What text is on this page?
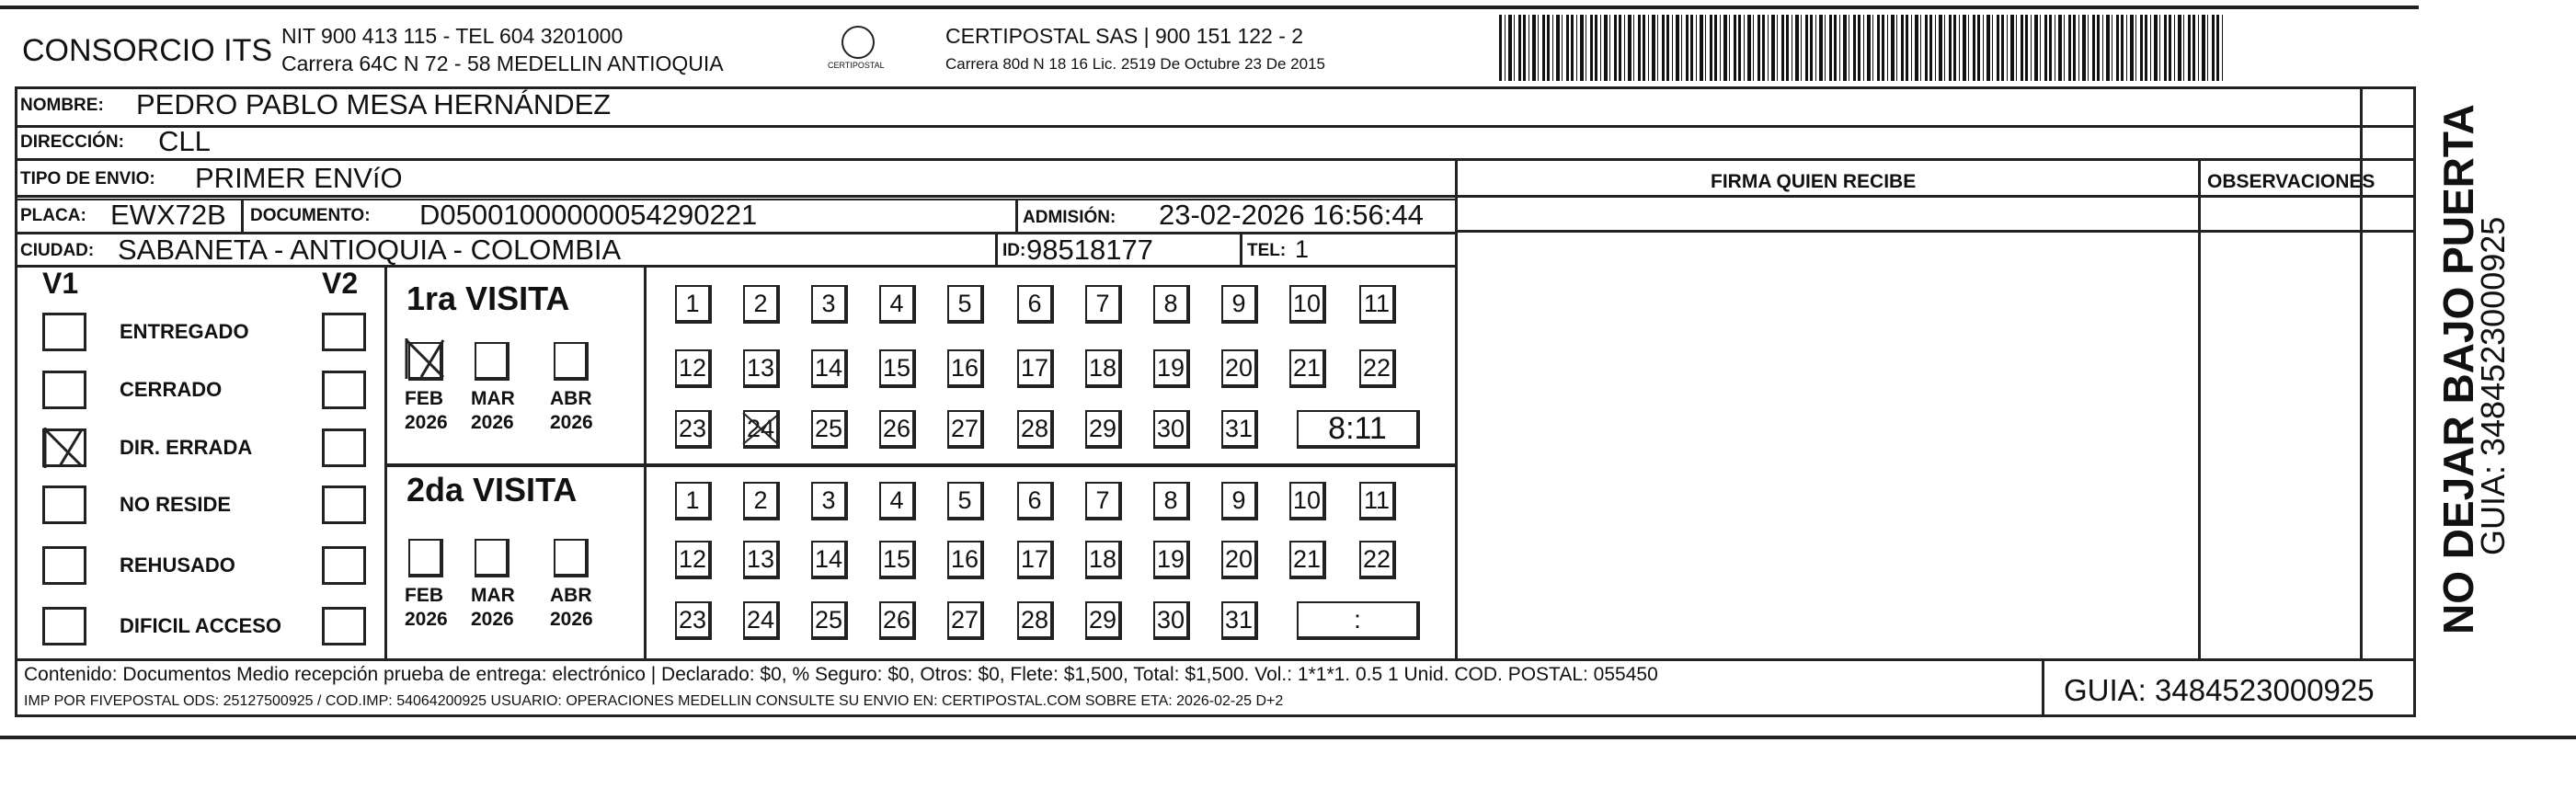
CONSORCIO ITS NIT 900 413 115 - TEL 604 3201000
Carrera 64C N 72 - 58 MEDELLIN ANTIOQUIA	CERTIPOSTAL
CERTIPOSTAL SAS | 900 151 122 - 2
Carrera 80d N 18 16 Lic. 2519 De Octubre 23 De 2015
NOMBRE: PEDRO PABLO MESA HERNÁNDEZ
DIRECCIÓN: CLL
TIPO DE ENVIO: PRIMER ENVíO	FIRMA QUIEN RECIBE	OBSERVACIONES
PLACA: EWX72B DOCUMENTO: D05001000000054290221	ADMISIÓN: 23-02-2026 16:56:44
CIUDAD: SABANETA - ANTIOQUIA - COLOMBIA	ID: 98518177	TEL: 1
V1	V2
ENTREGADO
CERRADO
DIR. ERRADA
NO RESIDE
REHUSADO
DIFICIL ACCESO
1ra VISITA
2da VISITA
FEB
2026
MAR
2026
ABR
2026
FEB
2026
MAR
2026
ABR
2026
1	2	3	4	5	6	7	8	9	10 11
12 13 14 15 16 17 18 19 20 21 22
23 24 25 26 27 28 29 30 31	8:11
1	2	3	4	5	6	7	8	9	10 11
12 13 14 15 16 17 18 19 20 21 22
23 24 25 26 27 28 29 30 31	:
Contenido: Documentos Medio recepción prueba de entrega: electrónico | Declarado: $0, % Seguro: $0, Otros: $0, Flete: $1,500, Total: $1,500. Vol.: 1*1*1. 0.5 1 Unid. COD. POSTAL: 055450
IMP POR FIVEPOSTAL ODS: 25127500925 / COD.IMP: 54064200925 USUARIO: OPERACIONES MEDELLIN CONSULTE SU ENVIO EN: CERTIPOSTAL.COM SOBRE ETA: 2026-02-25 D+2	GUIA: 3484523000925
NO DEJAR BAJO PUERTA
GUIA: 3484523000925
